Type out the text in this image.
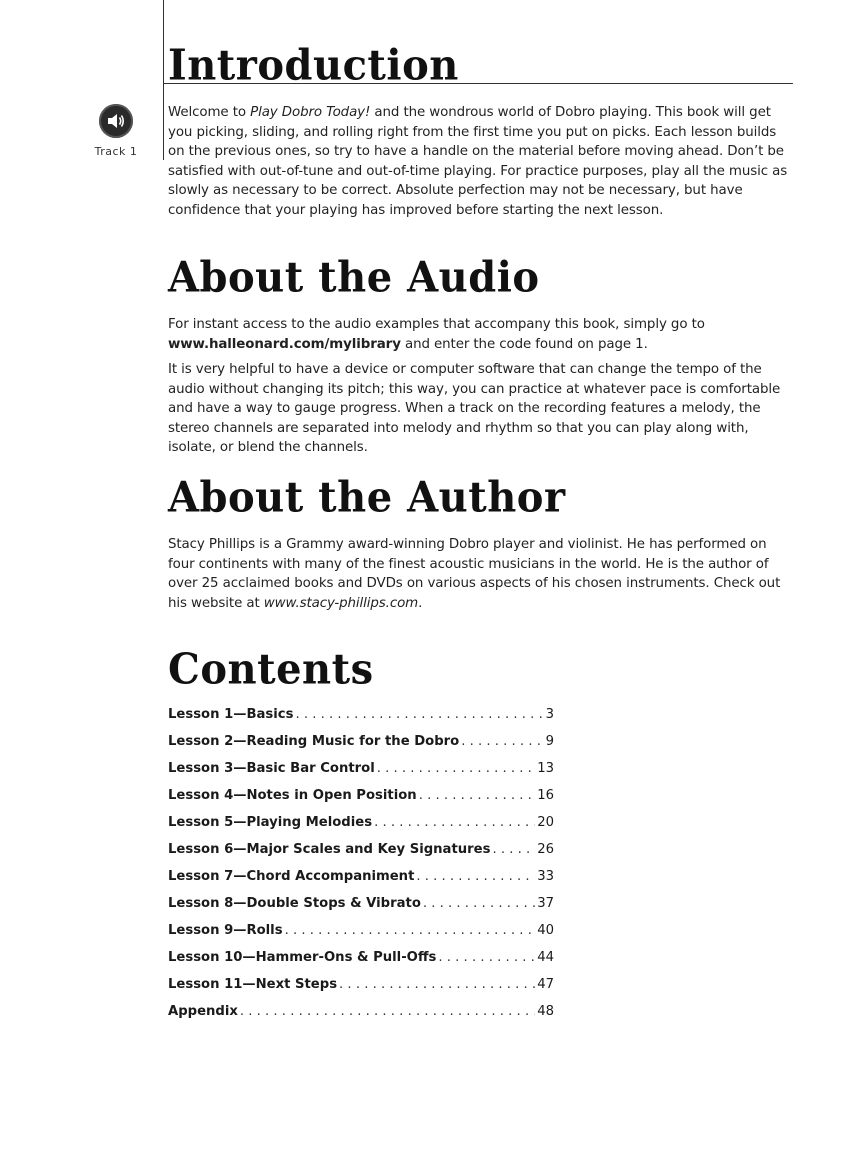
Introduction
Track 1

Welcome to Play Dobro Today! and the wondrous world of Dobro playing. This book will get you picking, sliding, and rolling right from the first time you put on picks. Each lesson builds on the previous ones, so try to have a handle on the material before moving ahead. Don’t be satisfied with out-of-tune and out-of-time playing. For practice purposes, play all the music as slowly as necessary to be correct. Absolute perfection may not be necessary, but have confidence that your playing has improved before starting the next lesson.

About the Audio

For instant access to the audio examples that accompany this book, simply go to www.halleonard.com/mylibrary and enter the code found on page 1.

It is very helpful to have a device or computer software that can change the tempo of the audio without changing its pitch; this way, you can practice at whatever pace is comfortable and have a way to gauge progress. When a track on the recording features a melody, the stereo channels are separated into melody and rhythm so that you can play along with, isolate, or blend the channels.

About the Author

Stacy Phillips is a Grammy award-winning Dobro player and violinist. He has performed on four continents with many of the finest acoustic musicians in the world. He is the author of over 25 acclaimed books and DVDs on various aspects of his chosen instruments. Check out his website at www.stacy-phillips.com.

Contents
Lesson 1—Basics . . .	3
Lesson 2—Reading Music for the Dobro . . .	9
Lesson 3—Basic Bar Control . . .	13
Lesson 4—Notes in Open Position . . .	16
Lesson 5—Playing Melodies . . .	20
Lesson 6—Major Scales and Key Signatures . . .	26
Lesson 7—Chord Accompaniment . . .	33
Lesson 8—Double Stops & Vibrato . . .	37
Lesson 9—Rolls . . .	40
Lesson 10—Hammer-Ons & Pull-Offs . . .	44
Lesson 11—Next Steps . . .	47
Appendix . . .	48
